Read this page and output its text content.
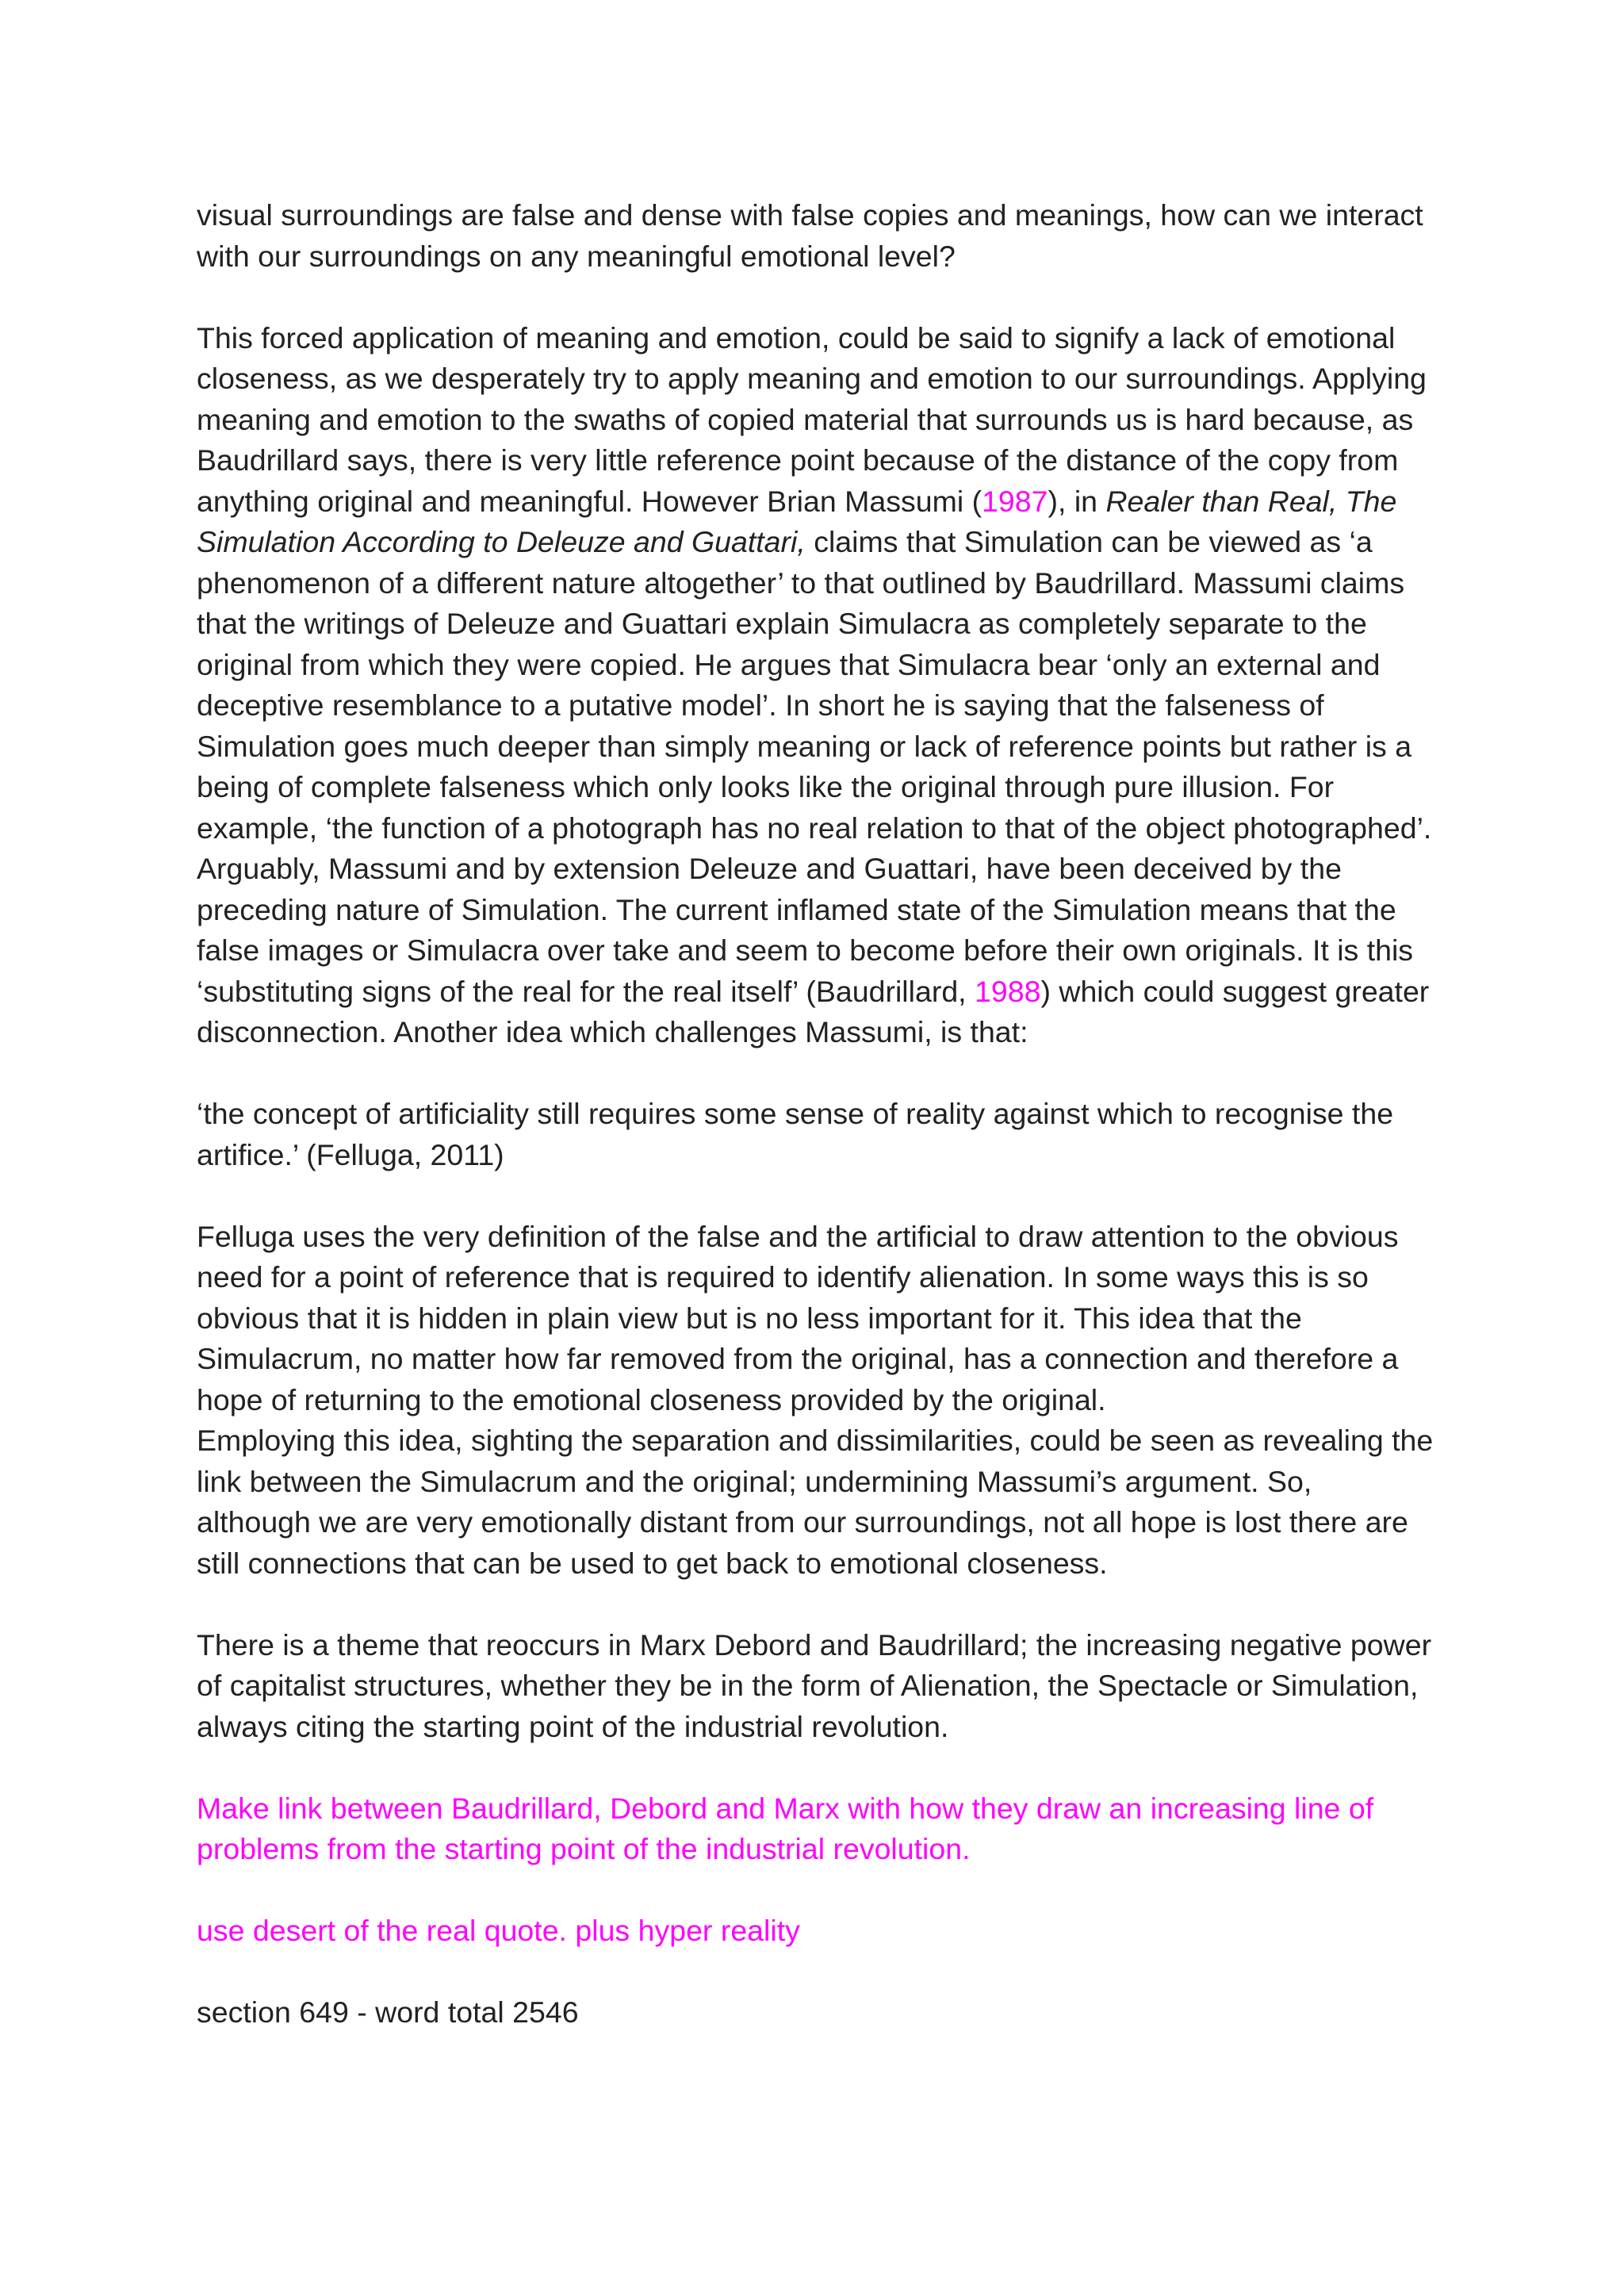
visual surroundings are false and dense with false copies and meanings, how can we interact with our surroundings on any meaningful emotional level?

This forced application of meaning and emotion, could be said to signify a lack of emotional closeness, as we desperately try to apply meaning and emotion to our surroundings. Applying meaning and emotion to the swaths of copied material that surrounds us is hard because, as Baudrillard says, there is very little reference point because of the distance of the copy from anything original and meaningful. However Brian Massumi (1987), in Realer than Real, The Simulation According to Deleuze and Guattari, claims that Simulation can be viewed as ‘a phenomenon of a different nature altogether’ to that outlined by Baudrillard. Massumi claims that the writings of Deleuze and Guattari explain Simulacra as completely separate to the original from which they were copied. He argues that Simulacra bear ‘only an external and deceptive resemblance to a putative model’. In short he is saying that the falseness of Simulation goes much deeper than simply meaning or lack of reference points but rather is a being of complete falseness which only looks like the original through pure illusion. For example, ‘the function of a photograph has no real relation to that of the object photographed’. Arguably, Massumi and by extension Deleuze and Guattari, have been deceived by the preceding nature of Simulation. The current inflamed state of the Simulation means that the false images or Simulacra over take and seem to become before their own originals. It is this ‘substituting signs of the real for the real itself’ (Baudrillard, 1988) which could suggest greater disconnection. Another idea which challenges Massumi, is that:

‘the concept of artificiality still requires some sense of reality against which to recognise the artifice.’ (Felluga, 2011)

Felluga uses the very definition of the false and the artificial to draw attention to the obvious need for a point of reference that is required to identify alienation. In some ways this is so obvious that it is hidden in plain view but is no less important for it. This idea that the Simulacrum, no matter how far removed from the original, has a connection and therefore a hope of returning to the emotional closeness provided by the original.

Employing this idea, sighting the separation and dissimilarities, could be seen as revealing the link between the Simulacrum and the original; undermining Massumi’s argument. So, although we are very emotionally distant from our surroundings, not all hope is lost there are still connections that can be used to get back to emotional closeness.

There is a theme that reoccurs in Marx Debord and Baudrillard; the increasing negative power of capitalist structures, whether they be in the form of Alienation, the Spectacle or Simulation, always citing the starting point of the industrial revolution.

Make link between Baudrillard, Debord and Marx with how they draw an increasing line of problems from the starting point of the industrial revolution.

use desert of the real quote. plus hyper reality

section 649 - word total 2546
